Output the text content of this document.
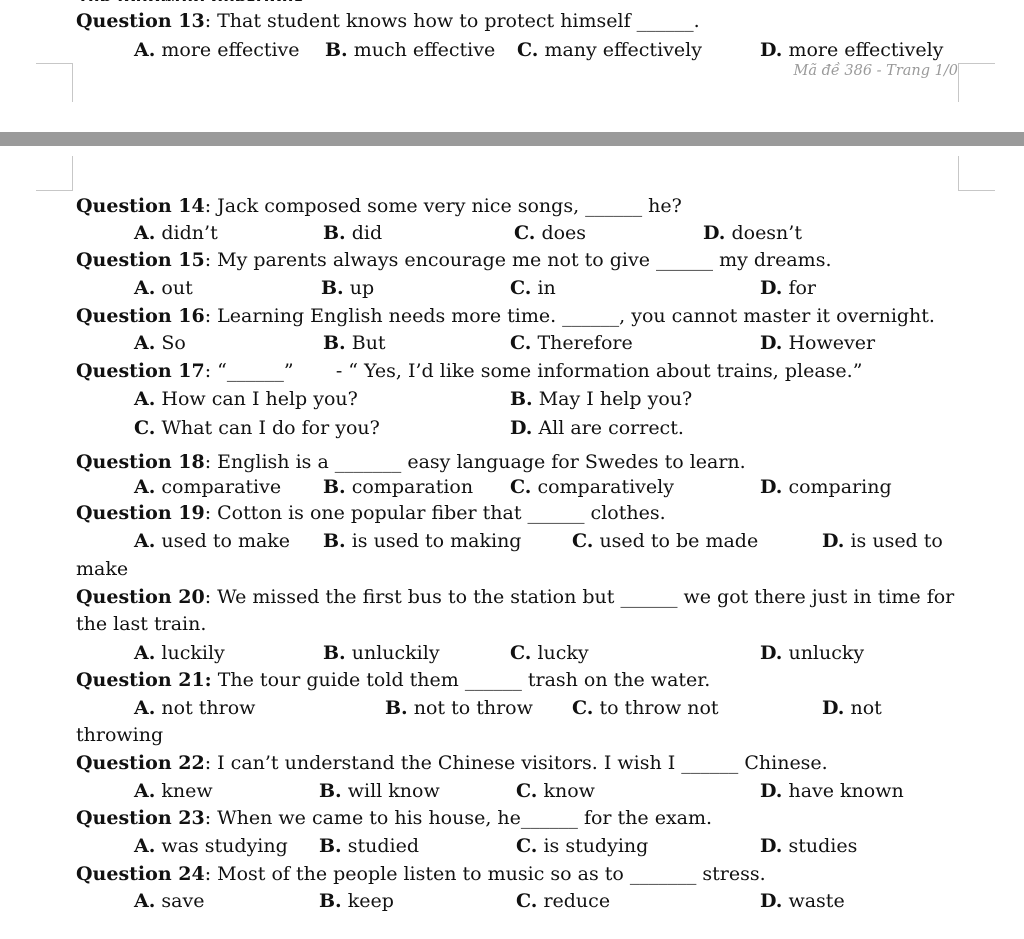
Question 13: That student knows how to protect himself ______.
A. more effective B. much effective C. many effectively	D. more effectively
Mã đề 386 - Trang 1/0
Question 14: Jack composed some very nice songs, ______ he?
A. didn’t	B. did	C. does	D. doesn’t
Question 15: My parents always encourage me not to give ______ my dreams.
A. out	B. up	C. in	D. for
Question 16: Learning English needs more time. ______, you cannot master it overnight.
A. So	B. But	C. Therefore	D. However
Question 17: “______”       - “ Yes, I’d like some information about trains, please.”
A. How can I help you?	B. May I help you?
C. What can I do for you?	D. All are correct.
Question 18: English is a _______ easy language for Swedes to learn.
A. comparative B. comparation C. comparatively	D. comparing
Question 19: Cotton is one popular fiber that ______ clothes.
A. used to make B. is used to making	C. used to be made	D. is used to
make
Question 20: We missed the first bus to the station but ______ we got there just in time for
the last train.
A. luckily	B. unluckily	C. lucky	D. unlucky
Question 21: The tour guide told them ______ trash on the water.
A. not throw	B. not to throw C. to throw not	D. not
throwing
Question 22: I can’t understand the Chinese visitors. I wish I ______ Chinese.
A. knew	B. will know	C. know	D. have known
Question 23: When we came to his house, he______ for the exam.
A. was studying B. studied	C. is studying	D. studies
Question 24: Most of the people listen to music so as to _______ stress.
A. save	B. keep	C. reduce	D. waste
